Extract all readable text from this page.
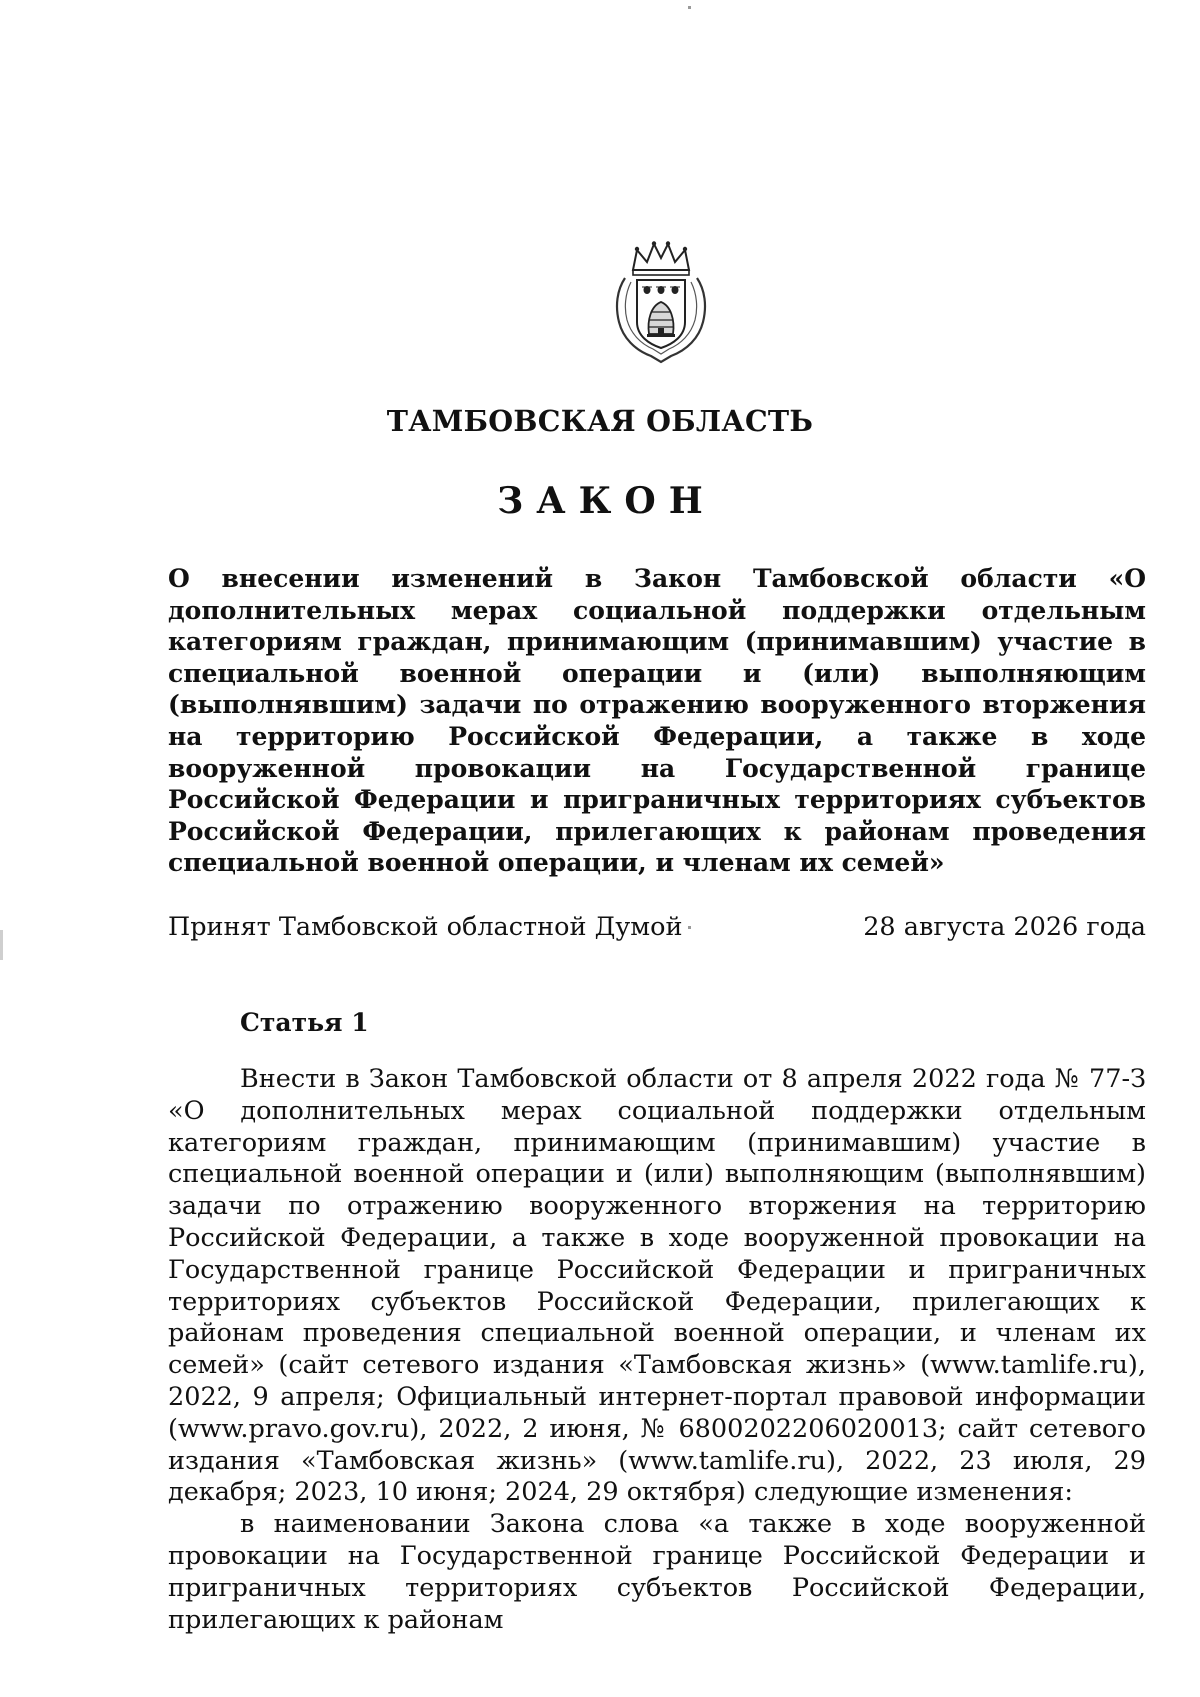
ТАМБОВСКАЯ ОБЛАСТЬ
ЗАКОН
О внесении изменений в Закон Тамбовской области «О дополнительных мерах социальной поддержки отдельным категориям граждан, принимающим (принимавшим) участие в специальной военной операции и (или) выполняющим (выполнявшим) задачи по отражению вооруженного вторжения на территорию Российской Федерации, а также в ходе вооруженной провокации на Государственной границе Российской Федерации и приграничных территориях субъектов Российской Федерации, прилегающих к районам проведения специальной военной операции, и членам их семей»
Принят Тамбовской областной Думой	28 августа 2026 года
Статья 1

Внести в Закон Тамбовской области от 8 апреля 2022 года № 77-З «О дополнительных мерах социальной поддержки отдельным категориям граждан, принимающим (принимавшим) участие в специальной военной операции и (или) выполняющим (выполнявшим) задачи по отражению вооруженного вторжения на территорию Российской Федерации, а также в ходе вооруженной провокации на Государственной границе Российской Федерации и приграничных территориях субъектов Российской Федерации, прилегающих к районам проведения специальной военной операции, и членам их семей» (сайт сетевого издания «Тамбовская жизнь» (www.tamlife.ru), 2022, 9 апреля; Официальный интернет-портал правовой информации (www.pravo.gov.ru), 2022, 2 июня, № 6800202206020013; сайт сетевого издания «Тамбовская жизнь» (www.tamlife.ru), 2022, 23 июля, 29 декабря; 2023, 10 июня; 2024, 29 октября) следующие изменения:

в наименовании Закона слова «а также в ходе вооруженной провокации на Государственной границе Российской Федерации и приграничных территориях субъектов Российской Федерации, прилегающих к районам
